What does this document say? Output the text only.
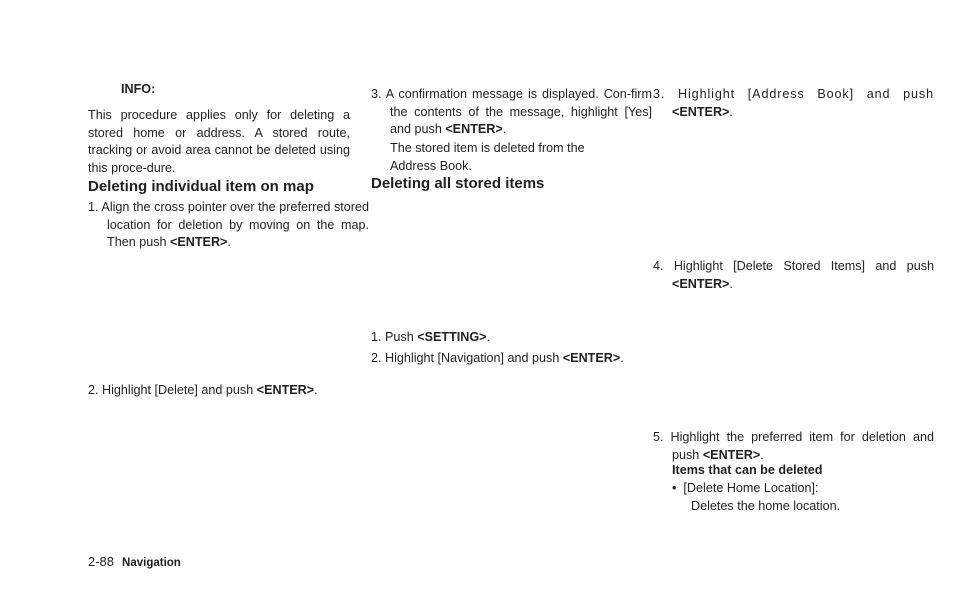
INFO:

This procedure applies only for deleting a stored home or address. A stored route, tracking or avoid area cannot be deleted using this proce-dure.

Deleting individual item on map

1. Align the cross pointer over the preferred stored location for deletion by moving on the map. Then push <ENTER>.

2. Highlight [Delete] and push <ENTER>.

3. A confirmation message is displayed. Con-firm the contents of the message, highlight [Yes] and push <ENTER>.

The stored item is deleted from the Address Book.

Deleting all stored items

1. Push <SETTING>.

2. Highlight [Navigation] and push <ENTER>.

3. Highlight [Address Book] and push <ENTER>.

4. Highlight [Delete Stored Items] and push <ENTER>.

5. Highlight the preferred item for deletion and push <ENTER>.

Items that can be deleted

•  [Delete Home Location]:

Deletes the home location.

2-88 Navigation
